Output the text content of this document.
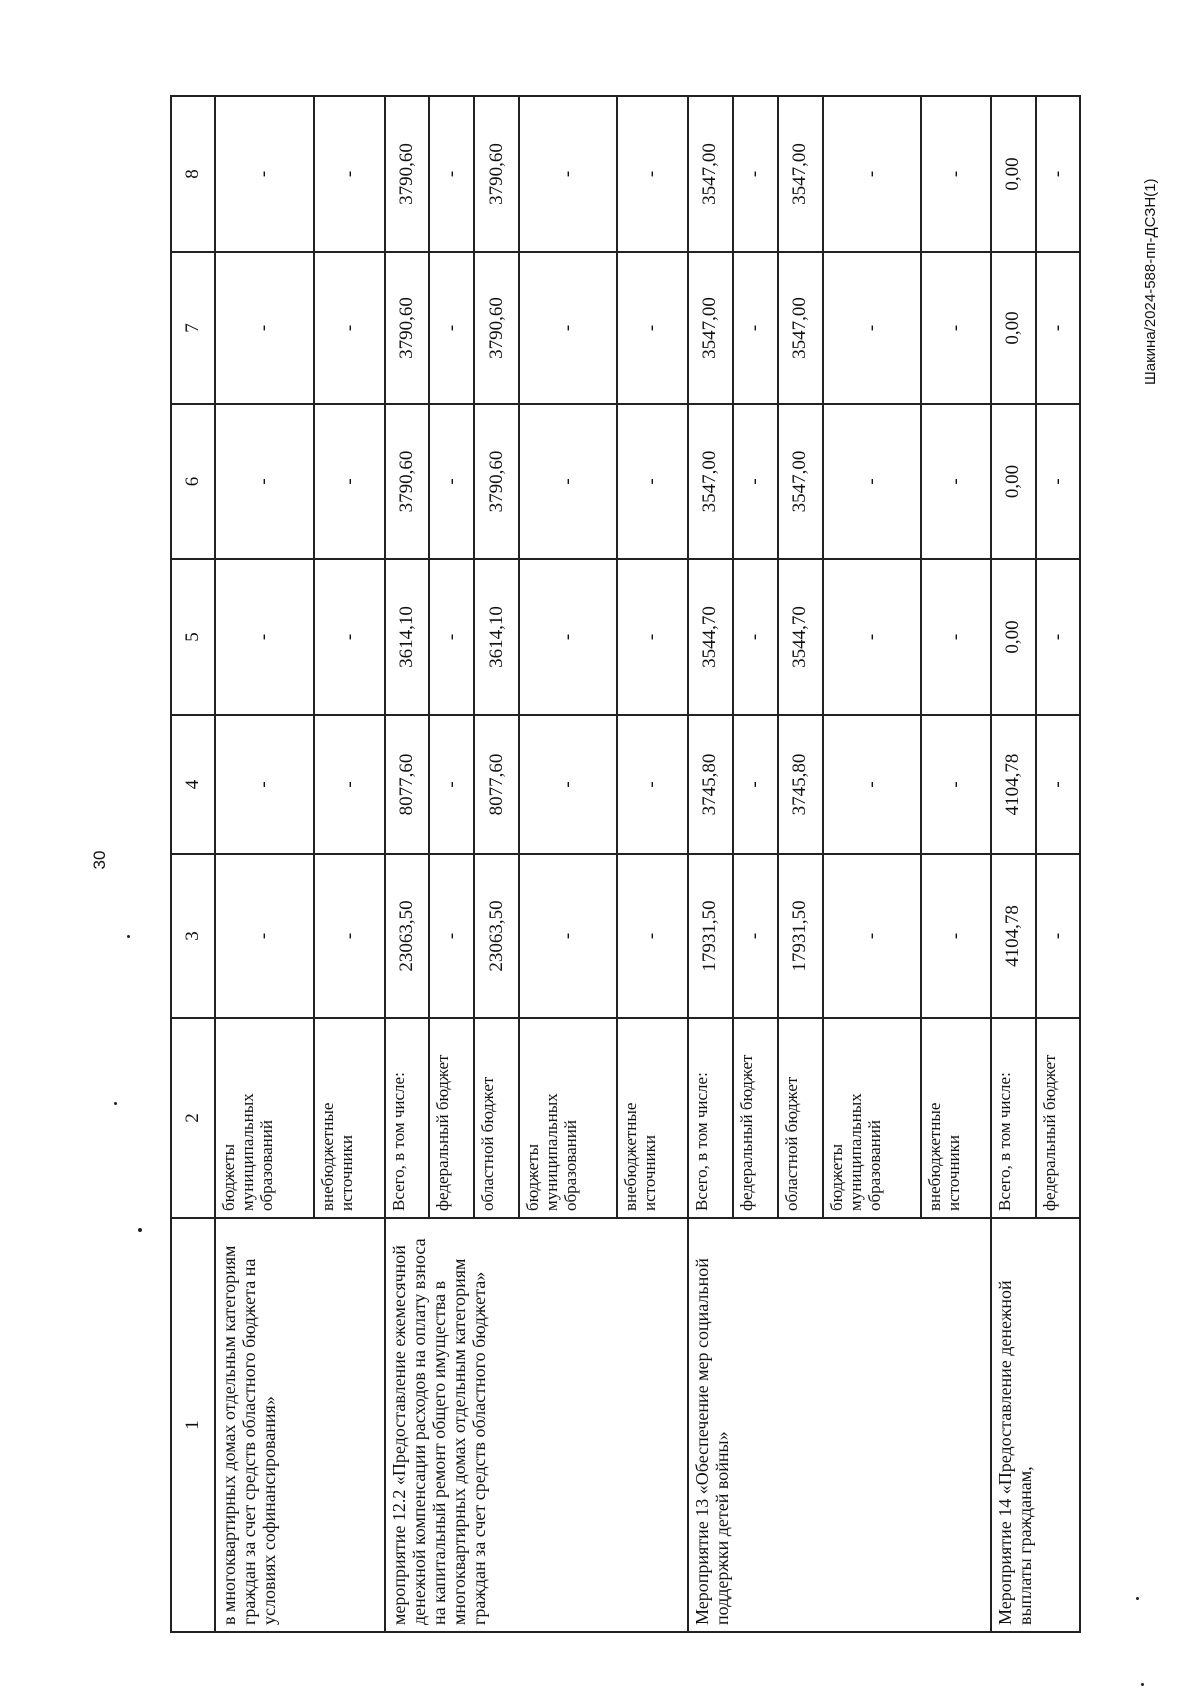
30
Шакина/2024-588-пп-ДСЗН(1)
1	2	3	4	5	6	7	8
в многоквартирных домах отдельным категориям граждан за счет средств областного бюджета на условиях софинансирования»	бюджеты муниципальных образований	-	-	-	-	-	-
	внебюджетные источники	-	-	-	-	-	-
мероприятие 12.2 «Предоставление ежемесячной денежной компенсации расходов на оплату взноса на капитальный ремонт общего имущества в многоквартирных домах отдельным категориям граждан за счет средств областного бюджета»	Всего, в том числе:	23063,50	8077,60	3614,10	3790,60	3790,60	3790,60
	федеральный бюджет	-	-	-	-	-	-
	областной бюджет	23063,50	8077,60	3614,10	3790,60	3790,60	3790,60
	бюджеты муниципальных образований	-	-	-	-	-	-
	внебюджетные источники	-	-	-	-	-	-
Мероприятие 13 «Обеспечение мер социальной поддержки детей войны»	Всего, в том числе:	17931,50	3745,80	3544,70	3547,00	3547,00	3547,00
	федеральный бюджет	-	-	-	-	-	-
	областной бюджет	17931,50	3745,80	3544,70	3547,00	3547,00	3547,00
	бюджеты муниципальных образований	-	-	-	-	-	-
	внебюджетные источники	-	-	-	-	-	-
Мероприятие 14 «Предоставление денежной выплаты гражданам,	Всего, в том числе:	4104,78	4104,78	0,00	0,00	0,00	0,00
	федеральный бюджет	-	-	-	-	-	-
